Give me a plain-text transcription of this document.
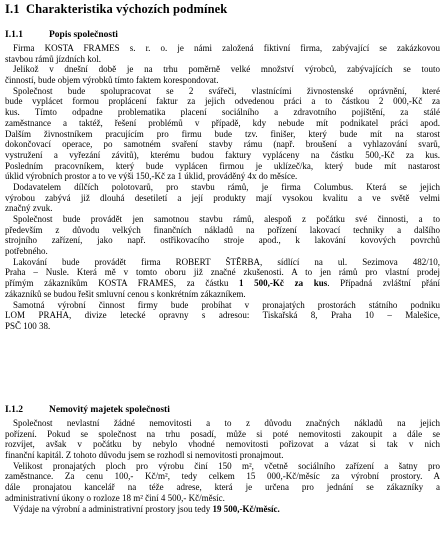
I.1 Charakteristika výchozích podmínek
I.1.1	Popis společnosti
Firma KOSTA FRAMES s. r. o. je námi založená fiktivní firma, zabývající se zakázkovou
stavbou rámů jízdních kol.
Jelikož v dnešní době je na trhu poměrně velké množství výrobců, zabývajících se touto
činností, bude objem výrobků tímto faktem korespondovat.
Společnost bude spolupracovat se 2 svářeči, vlastnícími živnostenské oprávnění, které
bude vyplácet formou proplácení faktur za jejich odvedenou práci a to částkou 2 000,-Kč za
kus. Tímto odpadne problematika placení sociálního a zdravotního pojištění, za stálé
zaměstnance a taktéž, řešení problémů v případě, kdy nebude mít podnikatel práci apod.
Dalším živnostníkem pracujícím pro firmu bude tzv. finišer, který bude mít na starost
dokončovací operace, po samotném svaření stavby rámu (např. broušení a vyhlazování svarů,
vystružení a vyřezání závitů), kterému budou faktury vypláceny na částku 500,-Kč za kus.
Posledním pracovníkem, který bude vyplácen firmou je uklízeč/ka, který bude mít nastarost
úklid výrobních prostor a to ve výši 150,-Kč za 1 úklid, prováděný 4x do měsíce.
Dodavatelem dílčích polotovarů, pro stavbu rámů, je firma Columbus. Která se jejich
výrobou zabývá již dlouhá desetiletí a její produkty mají vysokou kvalitu a ve světě velmi
značný zvuk.
Společnost bude provádět jen samotnou stavbu rámů, alespoň z počátku své činnosti, a to
především z důvodu velkých finančních nákladů na pořízení lakovací techniky a dalšího
strojního zařízení, jako např. ostřikovacího stroje apod., k lakování kovových povrchů
potřebného.
Lakování bude provádět firma ROBERT ŠTĚRBA, sídlící na ul. Sezimova 482/10,
Praha – Nusle. Která mě v tomto oboru již značné zkušenosti. A to jen rámů pro vlastní prodej
přímým zákazníkům KOSTA FRAMES, za částku 1 500,-Kč za kus. Případná zvláštní přání
zákazníků se budou řešit smluvní cenou s konkrétním zákazníkem.
Samotná výrobní činnost firmy bude probíhat v pronajatých prostorách státního podniku
LOM PRAHA, divize letecké opravny s adresou: Tiskařská 8, Praha 10 – Malešice,
PSČ 100 38.
I.1.2	Nemovitý majetek společnosti
Společnost nevlastní žádné nemovitosti a to z důvodu značných nákladů na jejich
pořízení. Pokud se společnost na trhu posadí, může si poté nemovitosti zakoupit a dále se
rozvíjet, avšak v počátku by nebylo vhodné nemovitosti pořizovat a vázat si tak v nich
finanční kapitál. Z tohoto důvodu jsem se rozhodl si nemovitosti pronajmout.
Velikost pronajatých ploch pro výrobu činí 150 m², včetně sociálního zařízení a šatny pro
zaměstnance. Za cenu 100,- Kč/m², tedy celkem 15 000,-Kč/měsíc za výrobní prostory. A
dále pronajatou kancelář na téže adrese, která je určena pro jednání se zákazníky a
administrativní úkony o rozloze 18 m² činí 4 500,- Kč/měsíc.
Výdaje na výrobní a administrativní prostory jsou tedy 19 500,-Kč/měsíc.
